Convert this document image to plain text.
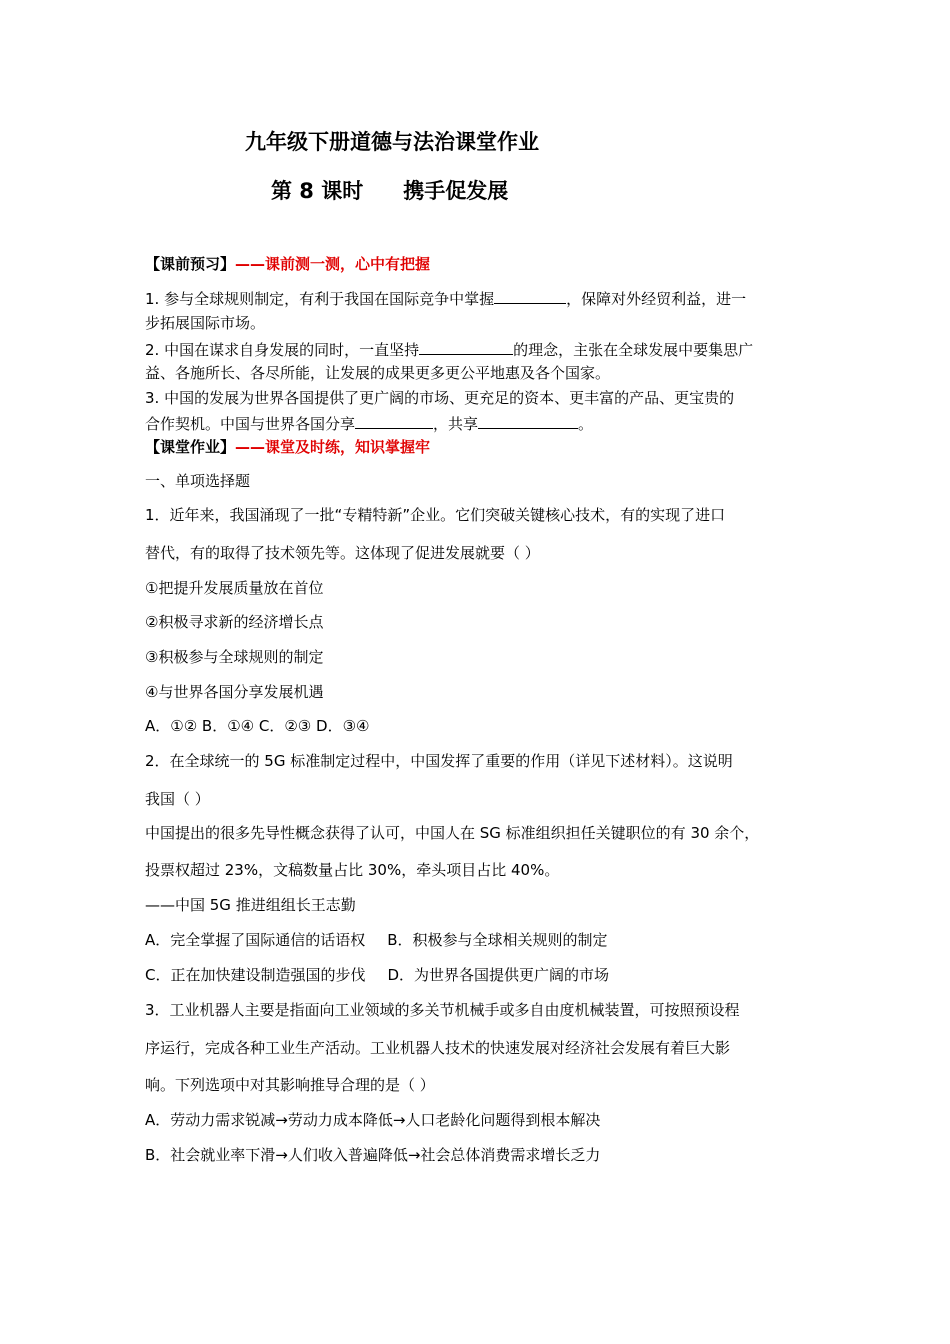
九年级下册道德与法治课堂作业
第 8 课时 携手促发展
【课前预习】——课前测一测，心中有把握
1. 参与全球规则制定，有利于我国在国际竞争中掌握	，保障对外经贸利益，进一
步拓展国际市场。
2. 中国在谋求自身发展的同时，一直坚持	的理念，主张在全球发展中要集思广
益、各施所长、各尽所能，让发展的成果更多更公平地惠及各个国家。
3. 中国的发展为世界各国提供了更广阔的市场、更充足的资本、更丰富的产品、更宝贵的
合作契机。中国与世界各国分享	，共享	。
【课堂作业】——课堂及时练，知识掌握牢
一、单项选择题
1．近年来，我国涌现了一批“专精特新”企业。它们突破关键核心技术，有的实现了进口
替代，有的取得了技术领先等。这体现了促进发展就要（ ）
①把提升发展质量放在首位
②积极寻求新的经济增长点
③积极参与全球规则的制定
④与世界各国分享发展机遇
A．①② B．①④ C．②③ D．③④
2．在全球统一的 5G 标准制定过程中，中国发挥了重要的作用（详见下述材料）。这说明
我国（ ）
中国提出的很多先导性概念获得了认可，中国人在 SG 标准组织担任关键职位的有 30 余个，
投票权超过 23%，文稿数量占比 30%，牵头项目占比 40%。
——中国 5G 推进组组长王志勤
A．完全掌握了国际通信的话语权 B．积极参与全球相关规则的制定
C．正在加快建设制造强国的步伐 D．为世界各国提供更广阔的市场
3．工业机器人主要是指面向工业领域的多关节机械手或多自由度机械装置，可按照预设程
序运行，完成各种工业生产活动。工业机器人技术的快速发展对经济社会发展有着巨大影
响。下列选项中对其影响推导合理的是（ ）
A．劳动力需求锐减→劳动力成本降低→人口老龄化问题得到根本解决
B．社会就业率下滑→人们收入普遍降低→社会总体消费需求增长乏力
